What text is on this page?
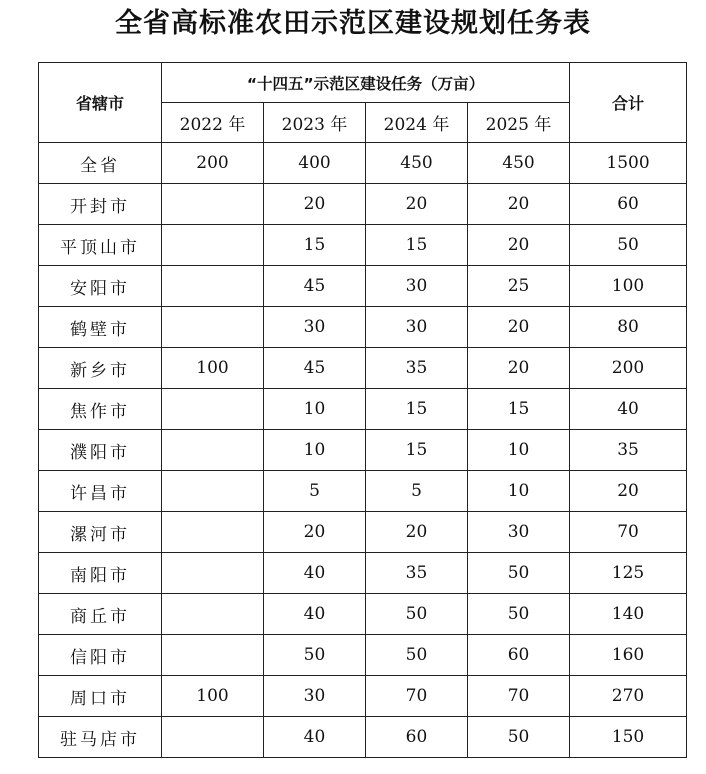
全省高标准农田示范区建设规划任务表
省辖市	“十四五”示范区建设任务（万亩）				合计
	2022 年	2023 年	2024 年	2025 年	
全省	200	400	450	450	1500
开封市		20	20	20	60
平顶山市		15	15	20	50
安阳市		45	30	25	100
鹤壁市		30	30	20	80
新乡市	100	45	35	20	200
焦作市		10	15	15	40
濮阳市		10	15	10	35
许昌市		5	5	10	20
漯河市		20	20	30	70
南阳市		40	35	50	125
商丘市		40	50	50	140
信阳市		50	50	60	160
周口市	100	30	70	70	270
驻马店市		40	60	50	150
